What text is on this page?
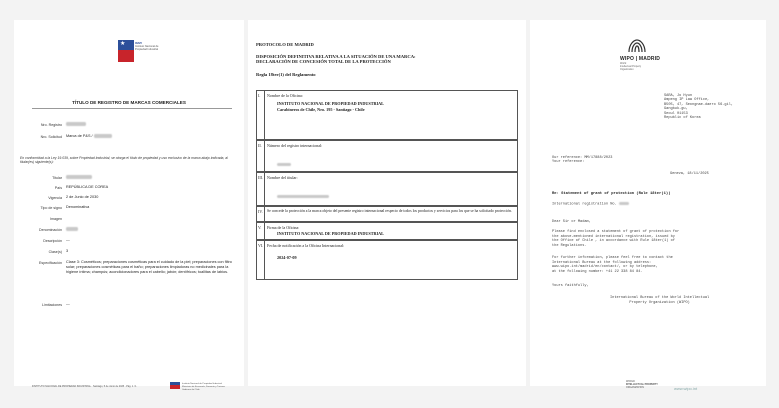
★	INAPI
Instituto Nacional de
Propiedad Industrial
TÍTULO DE REGISTRO DE MARCAS COMERCIALES
Nro. Registro
Nro. Solicitud Marca de P&S /
En conformidad a la Ley 19.039, sobre Propiedad Industrial, se otorga el título de propiedad y uso exclusivo de la marca abajo indicada, al titular(es) siguiente(s):
Titular
País REPÚBLICA DE COREA
Vigencia 2 de Junio de 2030
Tipo de signo Denominativa
Imagen
Denominación
Descripción —
Clase(s) 3
Especificación Clase 3: Cosméticos; preparaciones cosméticas para el cuidado de la piel; preparaciones con filtro solar; preparaciones cosméticas para el baño; preparaciones limpiadoras no medicinales para la higiene íntima; champús; acondicionadores para el cabello; jabón; dentífricos; toallitas de labios.
Limitaciones —
INSTITUTO NACIONAL DE PROPIEDAD INDUSTRIAL · Santiago, 5 de Junio de 2025 · Pág. 1 / 1
Instituto Nacional de Propiedad Industrial
Ministerio de Economía, Fomento y Turismo
Gobierno de Chile
PROTOCOLO DE MADRID
DISPOSICIÓN DEFINITIVA RELATIVA A LA SITUACIÓN DE UNA MARCA: DECLARACIÓN DE CONCESIÓN TOTAL DE LA PROTECCIÓN
Regla 18ter(1) del Reglamento
I. Nombre de la Oficina:
INSTITUTO NACIONAL DE PROPIEDAD INDUSTRIAL
Carabineros de Chile, Nro. 195 - Santiago - Chile
II. Número del registro internacional:
III. Nombre del titular:
IV. Se concede la protección a la marca objeto del presente registro internacional respecto de todos los productos y servicios para los que se ha solicitado protección.
V. Firma de la Oficina:
INSTITUTO NACIONAL DE PROPIEDAD INDUSTRIAL
VI. Fecha de notificación a la Oficina Internacional:
2024-07-09
WIPO | MADRID
World
Intellectual Property
Organization
SARA, Jo Hyun
Ampeng IP Law Office,
B505, 47, Seongnae-daero 56-gil,
Gangbuk-gu,
Seoul 01153
Republic of Korea
Our reference: MM/17888/2023
Your reference:
Geneva, 18/11/2025
Re: Statement of grant of protection (Rule 18ter(1))
International registration No.
Dear Sir or Madam,
Please find enclosed a statement of grant of protection for
the above-mentioned international registration, issued by
the Office of Chile , in accordance with Rule 18ter(1) of
the Regulations.
For further information, please feel free to contact the
International Bureau at the following address:
www.wipo.int/madrid/en/contact/, or by telephone,
at the following number: +41 22 338 84 84.
Yours faithfully,
International Bureau of the World Intellectual
Property Organization (WIPO)
WORLD
INTELLECTUAL PROPERTY
ORGANIZATION	www.wipo.int
